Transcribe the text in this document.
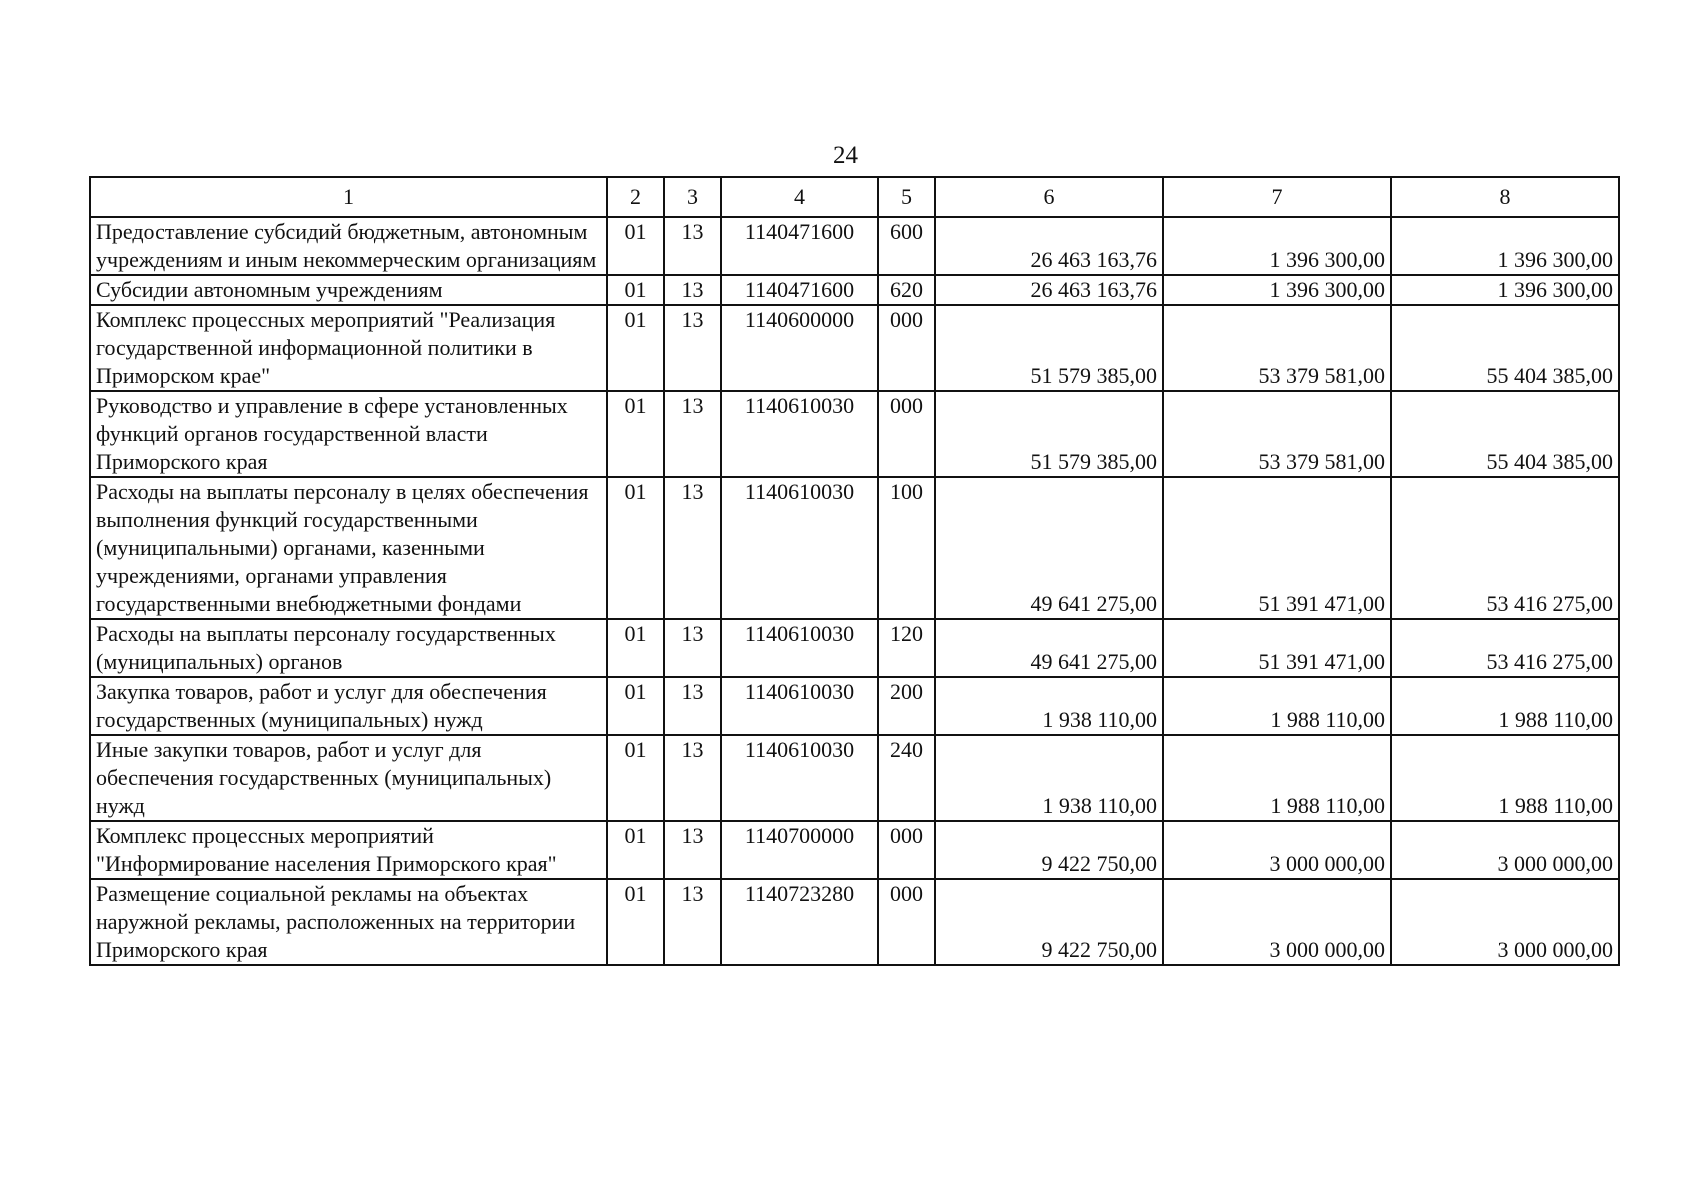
24
1	2	3	4	5	6	7	8
Предоставление субсидий бюджетным, автономным учреждениям и иным некоммерческим организациям	01	13	1140471600	600	26 463 163,76	1 396 300,00	1 396 300,00
Субсидии автономным учреждениям	01	13	1140471600	620	26 463 163,76	1 396 300,00	1 396 300,00
Комплекс процессных мероприятий "Реализация государственной информационной политики в Приморском крае"	01	13	1140600000	000	51 579 385,00	53 379 581,00	55 404 385,00
Руководство и управление в сфере установленных функций органов государственной власти Приморского края	01	13	1140610030	000	51 579 385,00	53 379 581,00	55 404 385,00
Расходы на выплаты персоналу в целях обеспечения выполнения функций государственными (муниципальными) органами, казенными учреждениями, органами управления государственными внебюджетными фондами	01	13	1140610030	100	49 641 275,00	51 391 471,00	53 416 275,00
Расходы на выплаты персоналу государственных (муниципальных) органов	01	13	1140610030	120	49 641 275,00	51 391 471,00	53 416 275,00
Закупка товаров, работ и услуг для обеспечения государственных (муниципальных) нужд	01	13	1140610030	200	1 938 110,00	1 988 110,00	1 988 110,00
Иные закупки товаров, работ и услуг для обеспечения государственных (муниципальных) нужд	01	13	1140610030	240	1 938 110,00	1 988 110,00	1 988 110,00
Комплекс процессных мероприятий "Информирование населения Приморского края"	01	13	1140700000	000	9 422 750,00	3 000 000,00	3 000 000,00
Размещение социальной рекламы на объектах наружной рекламы, расположенных на территории Приморского края	01	13	1140723280	000	9 422 750,00	3 000 000,00	3 000 000,00
